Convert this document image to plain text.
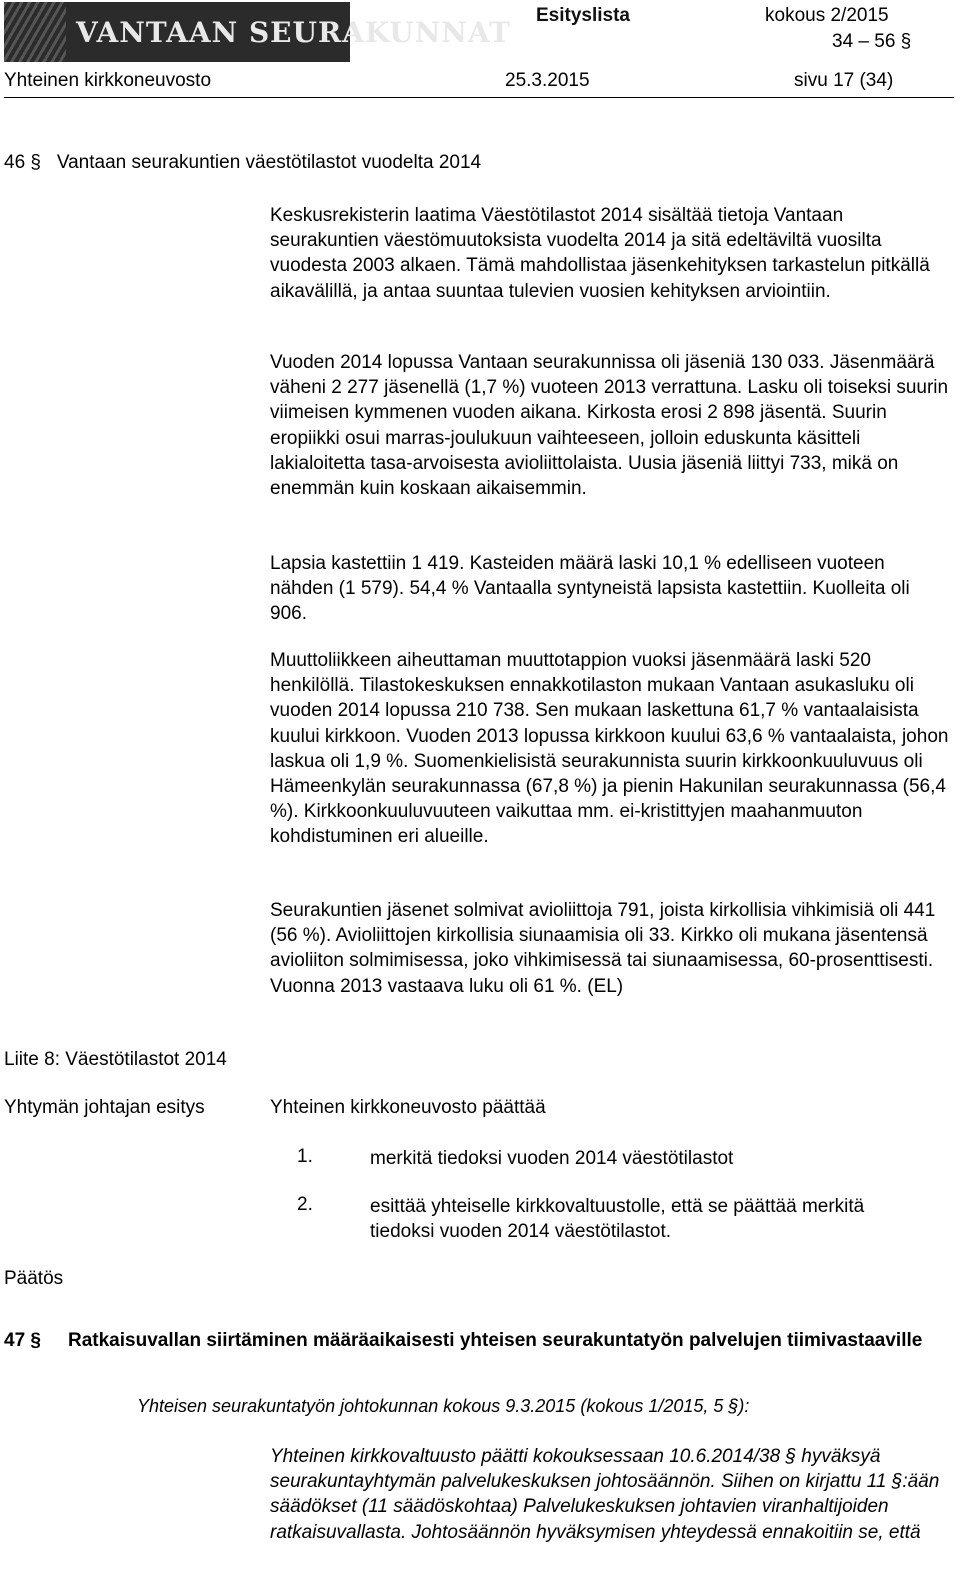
VANTAAN SEURAKUNNAT
Esityslista	kokous 2/2015
34 – 56 §
Yhteinen kirkkoneuvosto	25.3.2015	sivu 17 (34)
46 § Vantaan seurakuntien väestötilastot vuodelta 2014

Keskusrekisterin laatima Väestötilastot 2014 sisältää tietoja Vantaan seurakuntien väestömuutoksista vuodelta 2014 ja sitä edeltäviltä vuosilta vuodesta 2003 alkaen. Tämä mahdollistaa jäsenkehityksen tarkastelun pitkällä aikavälillä, ja antaa suuntaa tulevien vuosien kehityksen arviointiin.

Vuoden 2014 lopussa Vantaan seurakunnissa oli jäseniä 130 033. Jäsenmäärä väheni 2 277 jäsenellä (1,7 %) vuoteen 2013 verrattuna. Lasku oli toiseksi suurin viimeisen kymmenen vuoden aikana. Kirkosta erosi 2 898 jäsentä. Suurin eropiikki osui marras-joulukuun vaihteeseen, jolloin eduskunta käsitteli lakialoitetta tasa-arvoisesta avioliittolaista. Uusia jäseniä liittyi 733, mikä on enemmän kuin koskaan aikaisemmin.

Lapsia kastettiin 1 419. Kasteiden määrä laski 10,1 % edelliseen vuoteen nähden (1 579). 54,4 % Vantaalla syntyneistä lapsista kastettiin. Kuolleita oli 906.

Muuttoliikkeen aiheuttaman muuttotappion vuoksi jäsenmäärä laski 520 henkilöllä. Tilastokeskuksen ennakkotilaston mukaan Vantaan asukasluku oli vuoden 2014 lopussa 210 738. Sen mukaan laskettuna 61,7 % vantaalaisista kuului kirkkoon. Vuoden 2013 lopussa kirkkoon kuului 63,6 % vantaalaista, johon laskua oli 1,9 %. Suomenkielisistä seurakunnista suurin kirkkoonkuuluvuus oli Hämeenkylän seurakunnassa (67,8 %) ja pienin Hakunilan seurakunnassa (56,4 %). Kirkkoonkuuluvuuteen vaikuttaa mm. ei-kristittyjen maahanmuuton kohdistuminen eri alueille.

Seurakuntien jäsenet solmivat avioliittoja 791, joista kirkollisia vihkimisiä oli 441 (56 %). Avioliittojen kirkollisia siunaamisia oli 33. Kirkko oli mukana jäsentensä avioliiton solmimisessa, joko vihkimisessä tai siunaamisessa, 60-prosenttisesti. Vuonna 2013 vastaava luku oli 61 %. (EL)

Liite 8: Väestötilastot 2014
Yhtymän johtajan esitys	Yhteinen kirkkoneuvosto päättää
1.	merkitä tiedoksi vuoden 2014 väestötilastot
2.	esittää yhteiselle kirkkovaltuustolle, että se päättää merkitä tiedoksi vuoden 2014 väestötilastot.
Päätös
47 § Ratkaisuvallan siirtäminen määräaikaisesti yhteisen seurakuntatyön palvelujen tiimivastaaville
Yhteisen seurakuntatyön johtokunnan kokous 9.3.2015 (kokous 1/2015, 5 §):

Yhteinen kirkkovaltuusto päätti kokouksessaan 10.6.2014/38 § hyväksyä seurakuntayhtymän palvelukeskuksen johtosäännön. Siihen on kirjattu 11 §:ään säädökset (11 säädöskohtaa) Palvelukeskuksen johtavien viranhaltijoiden ratkaisuvallasta. Johtosäännön hyväksymisen yhteydessä ennakoitiin se, että
